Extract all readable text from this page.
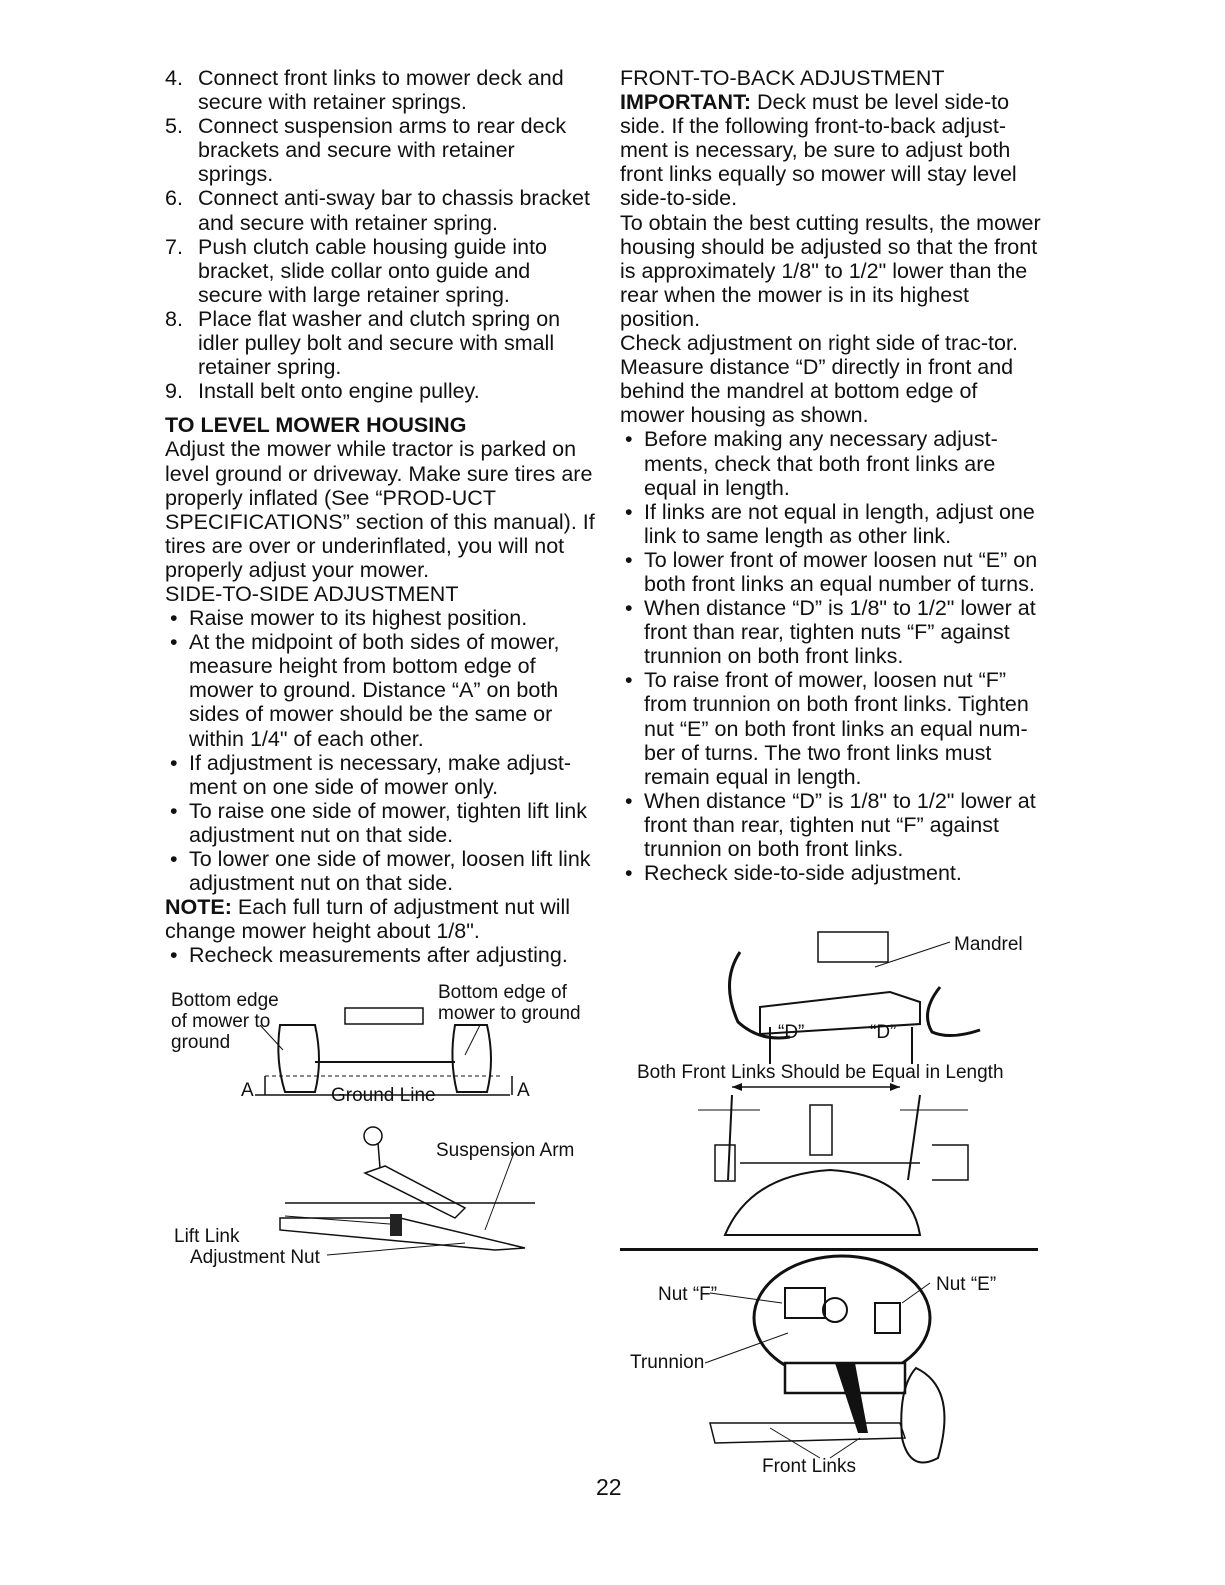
4. Connect front links to mower deck and secure with retainer springs.
5. Connect suspension arms to rear deck brackets and secure with retainer springs.
6. Connect anti-sway bar to chassis bracket and secure with retainer spring.
7. Push clutch cable housing guide into bracket, slide collar onto guide and secure with large retainer spring.
8. Place flat washer and clutch spring on idler pulley bolt and secure with small retainer spring.
9. Install belt onto engine pulley.
TO LEVEL MOWER HOUSING

Adjust the mower while tractor is parked on level ground or driveway. Make sure tires are properly inflated (See “PROD-UCT SPECIFICATIONS” section of this manual). If tires are over or underinflated, you will not properly adjust your mower.

SIDE-TO-SIDE ADJUSTMENT
• Raise mower to its highest position.
• At the midpoint of both sides of mower, measure height from bottom edge of mower to ground. Distance “A” on both sides of mower should be the same or within 1/4" of each other.
• If adjustment is necessary, make adjust-ment on one side of mower only.
• To raise one side of mower, tighten lift link adjustment nut on that side.
• To lower one side of mower, loosen lift link adjustment nut on that side.

NOTE: Each full turn of adjustment nut will change mower height about 1/8".

• Recheck measurements after adjusting.
Bottom edge
of mower to
ground
Bottom edge of
mower to ground
Ground Line
A	A
Suspension Arm
Lift Link
Adjustment Nut
FRONT-TO-BACK ADJUSTMENT

IMPORTANT: Deck must be level side-to side. If the following front-to-back adjust-ment is necessary, be sure to adjust both front links equally so mower will stay level side-to-side.

To obtain the best cutting results, the mower housing should be adjusted so that the front is approximately 1/8" to 1/2" lower than the rear when the mower is in its highest position.

Check adjustment on right side of trac-tor. Measure distance “D” directly in front and behind the mandrel at bottom edge of mower housing as shown.

• Before making any necessary adjust-ments, check that both front links are equal in length.
• If links are not equal in length, adjust one link to same length as other link.
• To lower front of mower loosen nut “E” on both front links an equal number of turns.
• When distance “D” is 1/8" to 1/2" lower at front than rear, tighten nuts “F” against trunnion on both front links.
• To raise front of mower, loosen nut “F” from trunnion on both front links. Tighten nut “E” on both front links an equal num-ber of turns. The two front links must remain equal in length.
• When distance “D” is 1/8" to 1/2" lower at front than rear, tighten nut “F” against trunnion on both front links.
• Recheck side-to-side adjustment.
Mandrel
“D”	“D”
Both Front Links Should be Equal in Length
Nut “F”	Nut “E”
Trunnion
Front Links
22
